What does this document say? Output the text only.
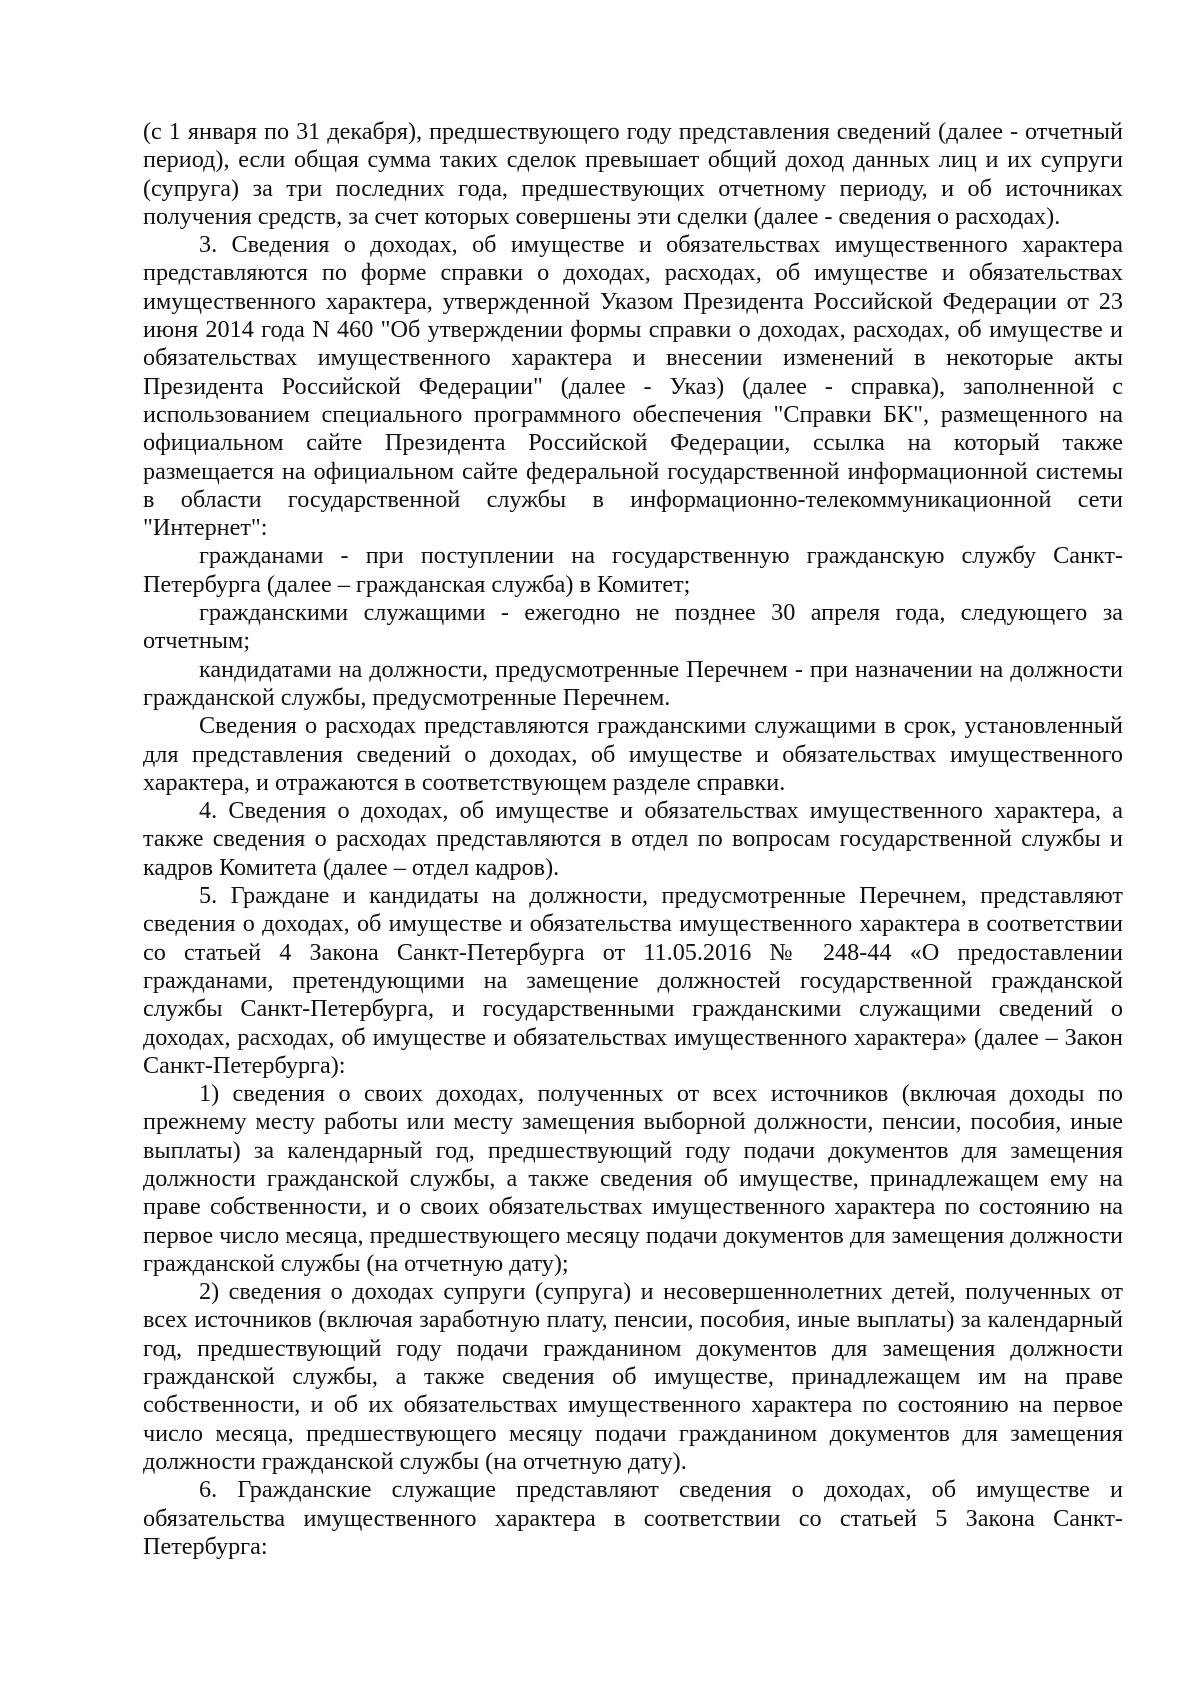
(с 1 января по 31 декабря), предшествующего году представления сведений (далее - отчетный период), если общая сумма таких сделок превышает общий доход данных лиц и их супруги (супруга) за три последних года, предшествующих отчетному периоду, и об источниках получения средств, за счет которых совершены эти сделки (далее - сведения о расходах).

3. Сведения о доходах, об имуществе и обязательствах имущественного характера представляются по форме справки о доходах, расходах, об имуществе и обязательствах имущественного характера, утвержденной Указом Президента Российской Федерации от 23 июня 2014 года N 460 "Об утверждении формы справки о доходах, расходах, об имуществе и обязательствах имущественного характера и внесении изменений в некоторые акты Президента Российской Федерации" (далее - Указ) (далее - справка), заполненной с использованием специального программного обеспечения "Справки БК", размещенного на официальном сайте Президента Российской Федерации, ссылка на который также размещается на официальном сайте федеральной государственной информационной системы в области государственной службы в информационно-телекоммуникационной сети "Интернет":

гражданами - при поступлении на государственную гражданскую службу Санкт-Петербурга (далее – гражданская служба) в Комитет;

гражданскими служащими - ежегодно не позднее 30 апреля года, следующего за отчетным;

кандидатами на должности, предусмотренные Перечнем - при назначении на должности гражданской службы, предусмотренные Перечнем.

Сведения о расходах представляются гражданскими служащими в срок, установленный для представления сведений о доходах, об имуществе и обязательствах имущественного характера, и отражаются в соответствующем разделе справки.

4. Сведения о доходах, об имуществе и обязательствах имущественного характера, а также сведения о расходах представляются в отдел по вопросам государственной службы и кадров Комитета (далее – отдел кадров).

5. Граждане и кандидаты на должности, предусмотренные Перечнем, представляют сведения о доходах, об имуществе и обязательства имущественного характера в соответствии со статьей 4 Закона Санкт-Петербурга от 11.05.2016 № 248-44 «О предоставлении гражданами, претендующими на замещение должностей государственной гражданской службы Санкт-Петербурга, и государственными гражданскими служащими сведений о доходах, расходах, об имуществе и обязательствах имущественного характера» (далее – Закон Санкт-Петербурга):

1) сведения о своих доходах, полученных от всех источников (включая доходы по прежнему месту работы или месту замещения выборной должности, пенсии, пособия, иные выплаты) за календарный год, предшествующий году подачи документов для замещения должности гражданской службы, а также сведения об имуществе, принадлежащем ему на праве собственности, и о своих обязательствах имущественного характера по состоянию на первое число месяца, предшествующего месяцу подачи документов для замещения должности гражданской службы (на отчетную дату);

2) сведения о доходах супруги (супруга) и несовершеннолетних детей, полученных от всех источников (включая заработную плату, пенсии, пособия, иные выплаты) за календарный год, предшествующий году подачи гражданином документов для замещения должности гражданской службы, а также сведения об имуществе, принадлежащем им на праве собственности, и об их обязательствах имущественного характера по состоянию на первое число месяца, предшествующего месяцу подачи гражданином документов для замещения должности гражданской службы (на отчетную дату).

6. Гражданские служащие представляют сведения о доходах, об имуществе и обязательства имущественного характера в соответствии со статьей 5 Закона Санкт-Петербурга:
